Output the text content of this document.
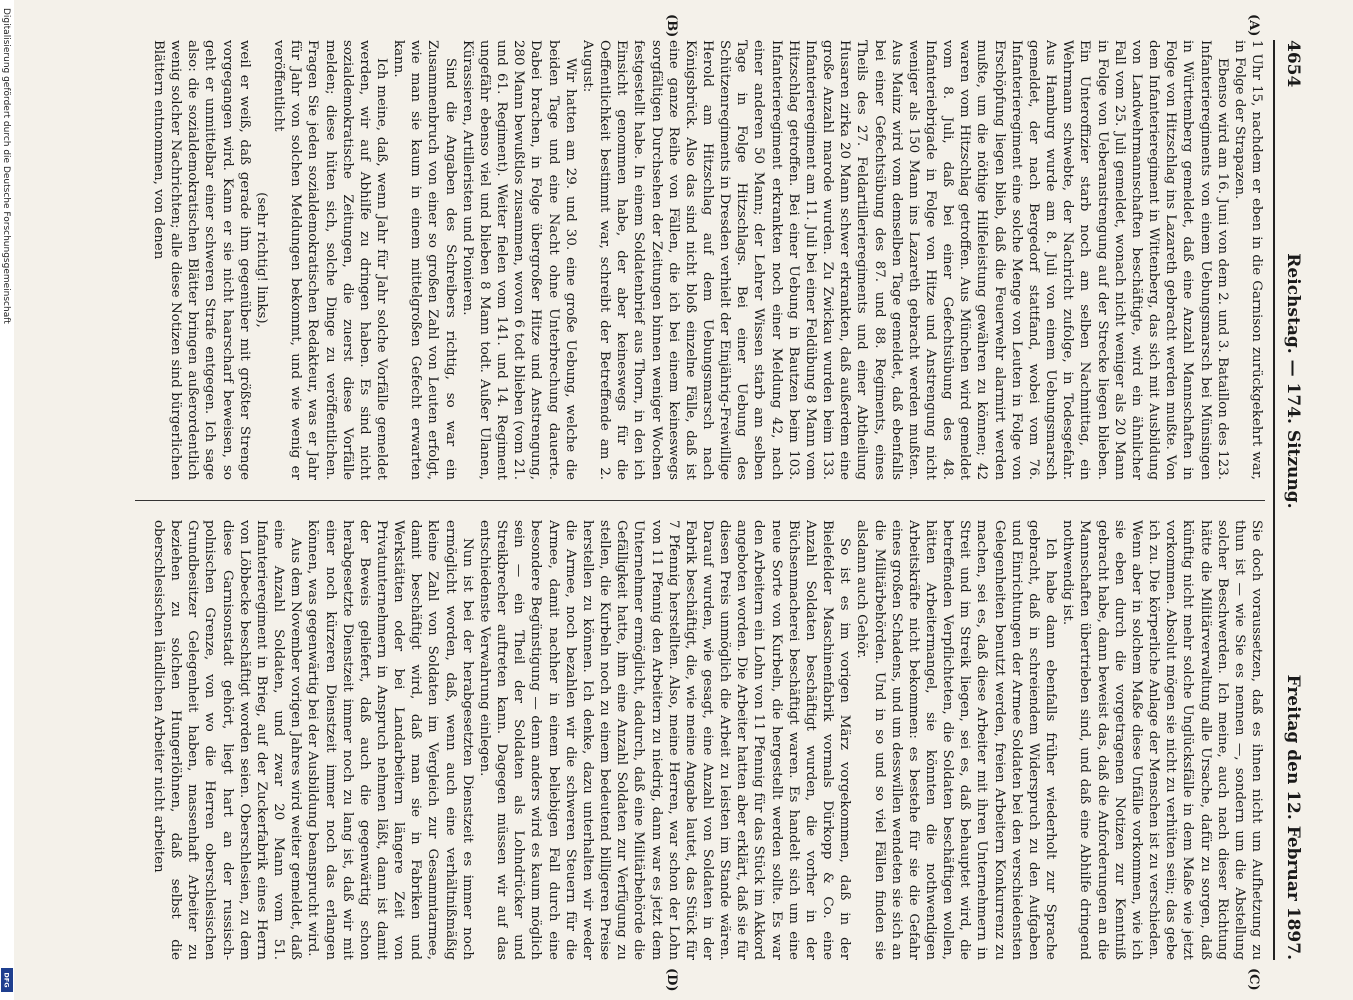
4654
Reichstag. — 174. Sitzung.
Freitag den 12. Februar 1897.
(A)
(B)
(C)
(D)

1 Uhr 15, nachdem er eben in die Garnison zurückgekehrt war, in Folge der Strapazen.

Ebenso wird am 16. Juni von dem 2. und 3. Bataillon des 123. Infanterieregiments von einem Uebungsmarsch bei Münsingen in Württemberg gemeldet, daß eine Anzahl Mannschaften in Folge von Hitzschlag ins Lazareth gebracht werden mußte. Von dem Infanterieregiment in Wittenberg, das sich mit Ausbildung von Landwehrmannschaften beschäftigte, wird ein ähnlicher Fall vom 25. Juli gemeldet, wonach nicht weniger als 20 Mann in Folge von Ueberanstrengung auf der Strecke liegen blieben. Ein Unteroffizier starb noch am selben Nachmittag, ein Wehrmann schwebte, der Nachricht zufolge, in Todesgefahr. Aus Hamburg wurde am 8. Juli von einem Uebungsmarsch gemeldet, der nach Bergedorf stattfand, wobei vom 76. Infanterieregiment eine solche Menge von Leuten in Folge von Erschöpfung liegen blieb, daß die Feuerwehr alarmirt werden mußte, um die nöthige Hilfeleistung gewähren zu können; 42 waren vom Hitzschlag getroffen. Aus München wird gemeldet vom 8. Juli, daß bei einer Gefechtsübung des 48. Infanteriebrigade in Folge von Hitze und Anstrengung nicht weniger als 150 Mann ins Lazareth gebracht werden mußten. Aus Mainz wird vom demselben Tage gemeldet, daß ebenfalls bei einer Gefechtsübung des 87. und 88. Regiments, eines Theils des 27. Feldartillerieregiments und einer Abtheilung Husaren zirka 20 Mann schwer erkrankten, daß außerdem eine große Anzahl marode wurden. Zu Zwickau wurden beim 133. Infanterieregiment am 11. Juli bei einer Feldübung 8 Mann vom Hitzschlag getroffen. Bei einer Uebung in Bautzen beim 103. Infanterieregiment erkrankten noch einer Meldung 42, nach einer anderen 50 Mann; der Lehrer Wissen starb am selben Tage in Folge Hitzschlags. Bei einer Uebung des Schützenregiments in Dresden verhielt der Einjährig-Freiwillige Herold am Hitzschlag auf dem Uebungsmarsch nach Königsbrück. Also das sind nicht bloß einzelne Fälle, daß ist eine ganze Reihe von Fällen, die ich bei einem keineswegs sorgfältigen Durchsehen der Zeitungen binnen weniger Wochen festgestellt habe. In einem Soldatenbrief aus Thorn, in den ich Einsicht genommen habe, der aber keineswegs für die Oeffentlichkeit bestimmt war, schreibt der Betreffende am 2. August:

Wir hatten am 29. und 30. eine große Uebung, welche die beiden Tage und eine Nacht ohne Unterbrechung dauerte. Dabei brachen, in Folge übergroßer Hitze und Anstrengung, 280 Mann bewußtlos zusammen, wovon 6 todt blieben (vom 21. und 61. Regiment). Weiter fielen vom 141. und 14. Regiment ungefähr ebenso viel und blieben 8 Mann todt. Außer Ulanen, Kürassieren, Artilleristen und Pionieren.

Sind die Angaben des Schreibers richtig, so war ein Zusammenbruch von einer so großen Zahl von Leuten erfolgt, wie man sie kaum in einem mittelgroßen Gefecht erwarten kann.

Ich meine, daß, wenn Jahr für Jahr solche Vorfälle gemeldet werden, wir auf Abhilfe zu dringen haben. Es sind nicht sozialdemokratische Zeitungen, die zuerst diese Vorfälle melden; diese hüten sich, solche Dinge zu veröffentlichen. Fragen Sie jeden sozialdemokratischen Redakteur, was er Jahr für Jahr von solchen Meldungen bekommt, und wie wenig er veröffentlicht

(sehr richtig! links),

weil er weiß, daß gerade ihm gegenüber mit größter Strenge vorgegangen wird. Kann er sie nicht haarscharf beweisen, so geht er unmittelbar einer schweren Strafe entgegen. Ich sage also: die sozialdemokratischen Blätter bringen außerordentlich wenig solcher Nachrichten; alle diese Notizen sind bürgerlichen Blättern entnommen, von denen

Sie doch voraussetzen, daß es ihnen nicht um Aufhetzung zu thun ist — wie Sie es nennen —, sondern um die Abstellung solcher Beschwerden. Ich meine, auch nach dieser Richtung hätte die Militärverwaltung alle Ursache, dafür zu sorgen, daß künftig nicht mehr solche Unglücksfälle in dem Maße wie jetzt vorkommen. Absolut mögen sie nicht zu verhüten sein; das gebe ich zu. Die körperliche Anlage der Menschen ist zu verschieden. Wenn aber in solchem Maße diese Unfälle vorkommen, wie ich sie eben durch die vorgetragenen Notizen zur Kenntniß gebracht habe, dann beweist das, daß die Anforderungen an die Mannschaften übertrieben sind, und daß eine Abhilfe dringend nothwendig ist.

Ich habe dann ebenfalls früher wiederholt zur Sprache gebracht, daß in schreiendem Widerspruch zu den Aufgaben und Einrichtungen der Armee Soldaten bei den verschiedensten Gelegenheiten benutzt werden, freien Arbeitern Konkurrenz zu machen, sei es, daß diese Arbeiter mit ihren Unternehmern in Streit und im Streik liegen, sei es, daß behauptet wird, die betreffenden Verpflichteten, die Soldaten beschäftigen wollen, hätten Arbeitermangel, sie könnten die nothwendigen Arbeitskräfte nicht bekommen: es bestehe für sie die Gefahr eines großen Schadens, und um desswillen wendeten sie sich an die Militärbehörden. Und in so und so viel Fällen finden sie alsdann auch Gehör.

So ist es im vorigen März vorgekommen, daß in der Bielefelder Maschinenfabrik vormals Dürkopp & Co. eine Anzahl Soldaten beschäftigt wurden, die vorher in der Büchsenmacherei beschäftigt waren. Es handelt sich um eine neue Sorte von Kurbeln, die hergestellt werden sollte. Es war den Arbeitern ein Lohn von 11 Pfennig für das Stück im Akkord angeboten worden. Die Arbeiter hatten aber erklärt, daß sie für diesen Preis unmöglich die Arbeit zu leisten im Stande wären. Darauf wurden, wie gesagt, eine Anzahl von Soldaten in der Fabrik beschäftigt, die, wie meine Angabe lautet, das Stück für 7 Pfennig herstellten. Also, meine Herren, war schon der Lohn von 11 Pfennig den Arbeitern zu niedrig, dann war es jetzt dem Unternehmer ermöglicht, dadurch, daß eine Militärbehörde die Gefälligkeit hatte, ihm eine Anzahl Soldaten zur Verfügung zu stellen, die Kurbeln noch zu einem bedeutend billigeren Preise herstellen zu können. Ich denke, dazu unterhalten wir weder die Armee, noch bezahlen wir die schweren Steuern für die Armee, damit nachher in einem beliebigen Fall durch eine besondere Begünstigung — denn anders wird es kaum möglich sein — ein Theil der Soldaten als Lohndrücker und Streikbrecher auftreten kann. Dagegen müssen wir auf das entschiedenste Verwahrung einlegen.

Nun ist bei der herabgesetzten Dienstzeit es immer noch ermöglicht worden, daß, wenn auch eine verhältnißmäßig kleine Zahl von Soldaten im Vergleich zur Gesammtarmee, damit beschäftigt wird, daß man sie in Fabriken und Werkstätten oder bei Landarbeitern längere Zeit von Privatunternehmern in Anspruch nehmen läßt, dann ist damit der Beweis geliefert, daß auch die gegenwärtig schon herabgesetzte Dienstzeit immer noch zu lang ist, daß wir mit einer noch kürzeren Dienstzeit immer noch das erlangen können, was gegenwärtig bei der Ausbildung beansprucht wird.

Aus dem November vorigen Jahres wird weiter gemeldet, daß eine Anzahl Soldaten, und zwar 20 Mann vom 51. Infanterieregiment in Brieg, auf der Zuckerfabrik eines Herrn von Löbbecke beschäftigt worden seien. Oberschlesien, zu dem diese Garnisonstadt gehört, liegt hart an der russisch-polnischen Grenze, von wo die Herren oberschlesischen Grundbesitzer Gelegenheit haben, massenhaft Arbeiter zu beziehen zu solchen Hungerlöhnen, daß selbst die oberschlesischen ländlichen Arbeiter nicht arbeiten

Digitalisierung gefördert durch die Deutsche Forschungsgemeinschaft
DFG
